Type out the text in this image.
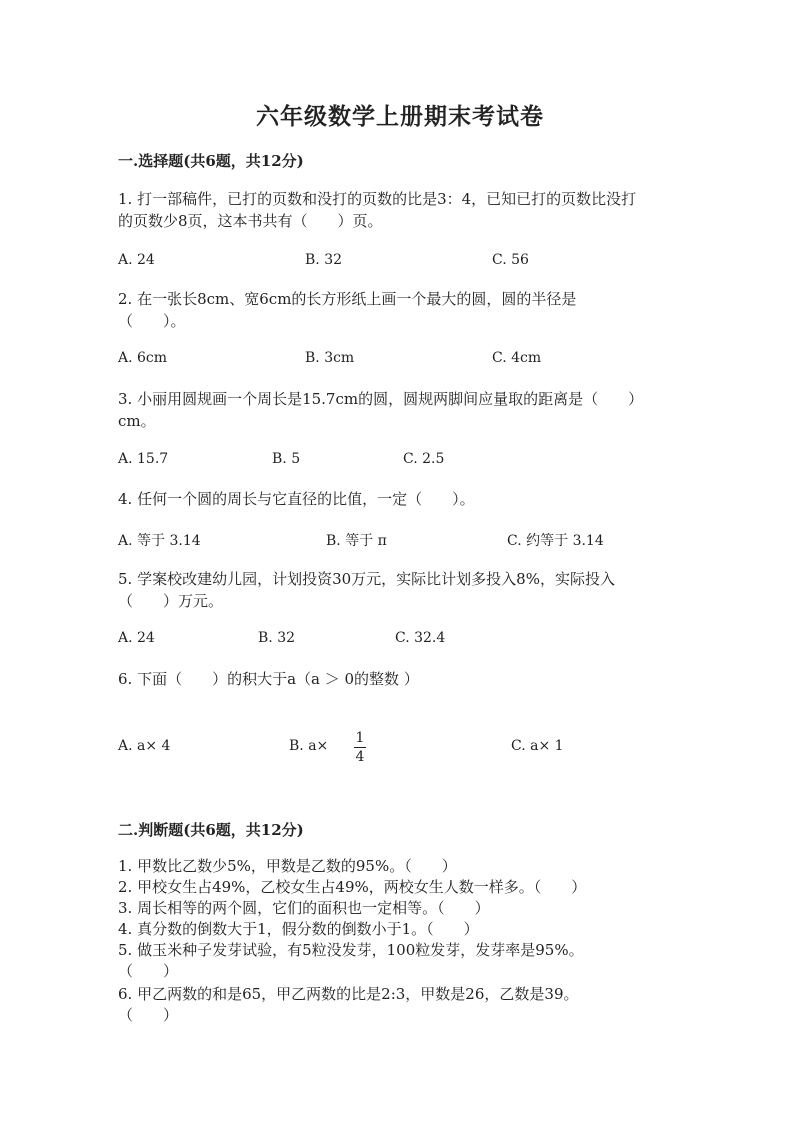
六年级数学上册期末考试卷
一.选择题(共6题，共12分)
1. 打一部稿件，已打的页数和没打的页数的比是3：4，已知已打的页数比没打
的页数少8页，这本书共有（　　）页。
A. 24	B. 32	C. 56
2. 在一张长8cm、宽6cm的长方形纸上画一个最大的圆，圆的半径是
（　　）。
A. 6cm	B. 3cm	C. 4cm
3. 小丽用圆规画一个周长是15.7cm的圆，圆规两脚间应量取的距离是（　　）
cm。
A. 15.7	B. 5	C. 2.5
4. 任何一个圆的周长与它直径的比值，一定（　　）。
A. 等于 3.14	B. 等于 π	C. 约等于 3.14
5. 学案校改建幼儿园，计划投资30万元，实际比计划多投入8%，实际投入
（　　）万元。
A. 24	B. 32	C. 32.4
6. 下面（　　）的积大于a（a ＞ 0的整数 ）
A. a× 4	B. a× 1
4
C. a× 1
二.判断题(共6题，共12分)
1. 甲数比乙数少5%，甲数是乙数的95%。（　　）
2. 甲校女生占49%，乙校女生占49%，两校女生人数一样多。（　　）
3. 周长相等的两个圆，它们的面积也一定相等。（　　）
4. 真分数的倒数大于1，假分数的倒数小于1。（　　）
5. 做玉米种子发芽试验，有5粒没发芽，100粒发芽，发芽率是95%。
（　　）
6. 甲乙两数的和是65，甲乙两数的比是2:3，甲数是26，乙数是39。
（　　）
